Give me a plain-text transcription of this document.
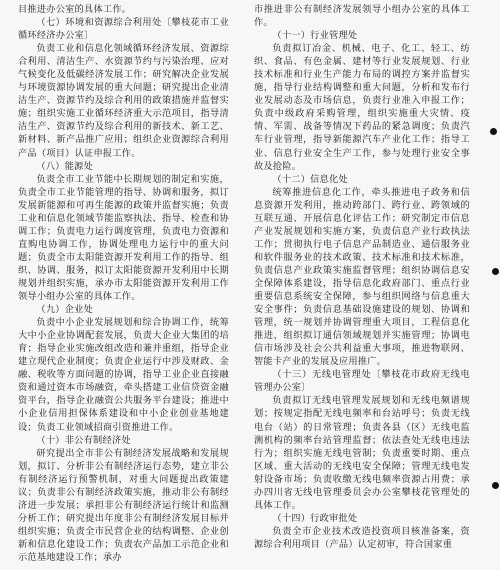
目推进办公室的具体工作。

（七）环境和资源综合利用处〔攀枝花市工业循环经济办公室〕

负责工业和信息化领域循环经济发展、资源综合利用、清洁生产、水资源节约与污染治理、应对气候变化及低碳经济发展工作；研究解决企业发展与环境资源协调发展的重大问题；研究提出企业清洁生产、资源节约及综合利用的政策措施并监督实施；组织实施工业循环经济重大示范项目，指导清洁生产、资源节约及综合利用的新技术、新工艺、新材料、新产品推广应用；组织企业资源综合利用产品（项目）认证申报工作。

（八）能源处

负责全市工业节能中长期规划的制定和实施，负责全市工业节能管理的指导、协调和服务，拟订发展新能源和可再生能源的政策并监督实施；负责工业和信息化领域节能监察执法、指导、检查和协调工作；负责电力运行调度管理，负责电力资源和直购电协调工作，协调处理电力运行中的重大问题；负责全市太阳能资源开发利用工作的指导、组织、协调、服务，拟订太阳能资源开发利用中长期规划并组织实施，承办市太阳能资源开发利用工作领导小组办公室的具体工作。

（九）企业处

负责中小企业发展规划和综合协调工作，统筹大中小企业协调配套发展，负责大企业大集团的培育；指导企业实施改组改造和兼并重组，指导企业建立现代企业制度；负责企业运行中涉及财政、金融、税收等方面问题的协调，指导工业企业直接融资和通过资本市场融资，牵头搭建工业信贷资金融资平台，指导企业融资公共服务平台建设；推进中小企业信用担保体系建设和中小企业创业基地建设；负责工业领域招商引资推进工作。

（十）非公有制经济处

研究提出全市非公有制经济发展战略和发展规划，拟订、分析非公有制经济运行态势，建立非公有制经济运行预警机制，对重大问题提出政策建议；负责非公有制经济政策实施，推动非公有制经济进一步发展；承担非公有制经济运行统计和监测分析工作；研究提出年度非公有制经济发展目标并组织实施；负责全市民营企业的结构调整、企业创新和信息化建设工作；负责农产品加工示范企业和示范基地建设工作；承办

市推进非公有制经济发展领导小组办公室的具体工作。

（十一）行业管理处

负责拟订冶金、机械、电子、化工、轻工、纺织、食品、有色金属、建材等行业发展规划、行业技术标准和行业生产能力布局的调控方案并监督实施，指导行业结构调整和重大问题，分析和发布行业发展动态及市场信息，负责行业准入申报工作；负责中级政府采购管理，组织实施重大灾情、疫情、军需、战备等情况下药品的紧急调度；负责汽车行业管理，指导新能源汽车产业化工作；指导工业、信息行业安全生产工作，参与处理行业安全事故及抢险。

（十二）信息化处

统筹推进信息化工作，牵头推进电子政务和信息资源开发利用，推动跨部门、跨行业、跨领域的互联互通、开展信息化评估工作；研究制定市信息产业发展规划和实施方案，负责信息产业行政执法工作；贯彻执行电子信息产品制造业、通信服务业和软件服务业的技术政策、技术标准和技术标准，负责信息产业政策实施监督管理；组织协调信息安全保障体系建设，指导信息化政府部门、重点行业重要信息系统安全保障，参与组织网络与信息重大安全事件；负责信息基础设施建设的规划、协调和管理，统一规划并协调管理重大项目，工程信息化推进，组织拟订通信领域规划并实施管理；协调电信市场涉及社会公共利益重大事项，推进物联网、智能卡产业的发展及应用推广。

（十三）无线电管理处〔攀枝花市政府无线电管理办公室〕

负责拟订无线电管理发展规划和无线电频谱规划；按规定指配无线电频率和台站呼号；负责无线电台（站）的日常管理；负责各县（区）无线电监测机构的频率台站管理监督；依法查处无线电违法行为；组织实施无线电管制；负责重要时期、重点区域、重大活动的无线电安全保障；管理无线电发射设备市场；负责收缴无线电频率资源占用费；承办四川省无线电管理委员会办公室攀枝花管理处的具体工作。

（十四）行政审批处

负责全市企业技术改造投资项目核准备案，资源综合利用项目（产品）认定初审，符合国家重
